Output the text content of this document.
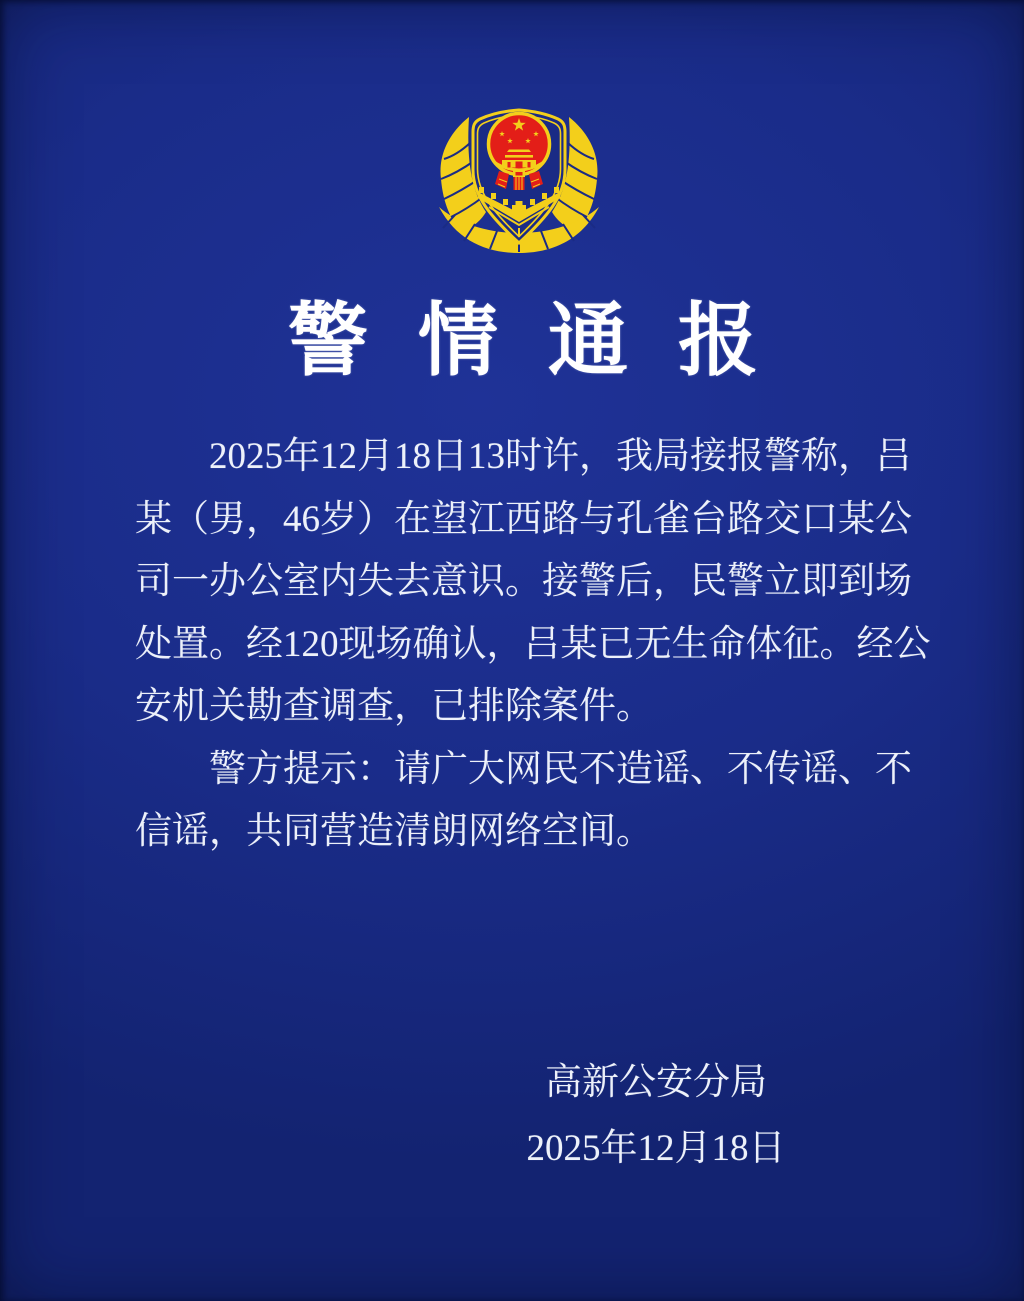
警情通报
2025年12月18日13时许，我局接报警称，吕
某（男，46岁）在望江西路与孔雀台路交口某公
司一办公室内失去意识。接警后，民警立即到场
处置。经120现场确认，吕某已无生命体征。经公
安机关勘查调查，已排除案件。
警方提示：请广大网民不造谣、不传谣、不
信谣，共同营造清朗网络空间。
高新公安分局
2025年12月18日
